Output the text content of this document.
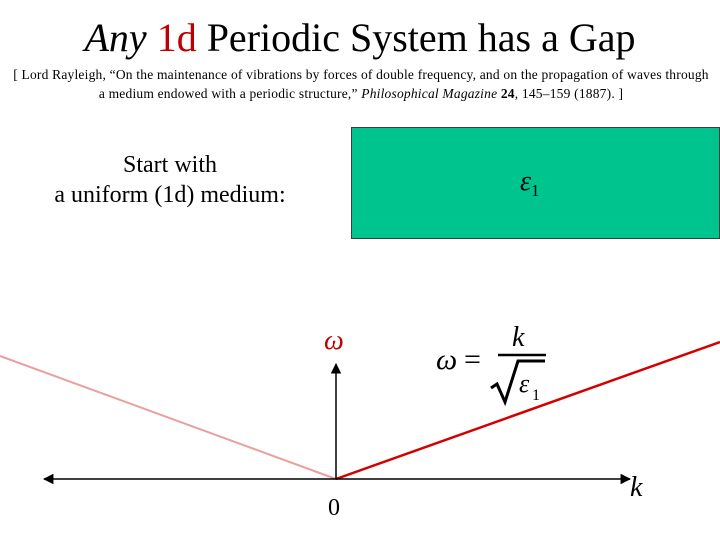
Any 1d Periodic System has a Gap
[ Lord Rayleigh, “On the maintenance of vibrations by forces of double frequency, and on the propagation of waves through a medium endowed with a periodic structure,” Philosophical Magazine 24, 145–159 (1887). ]
Start with
a uniform (1d) medium:	$\varepsilon_1$
ω
k
0
ω =
k
ε 1
